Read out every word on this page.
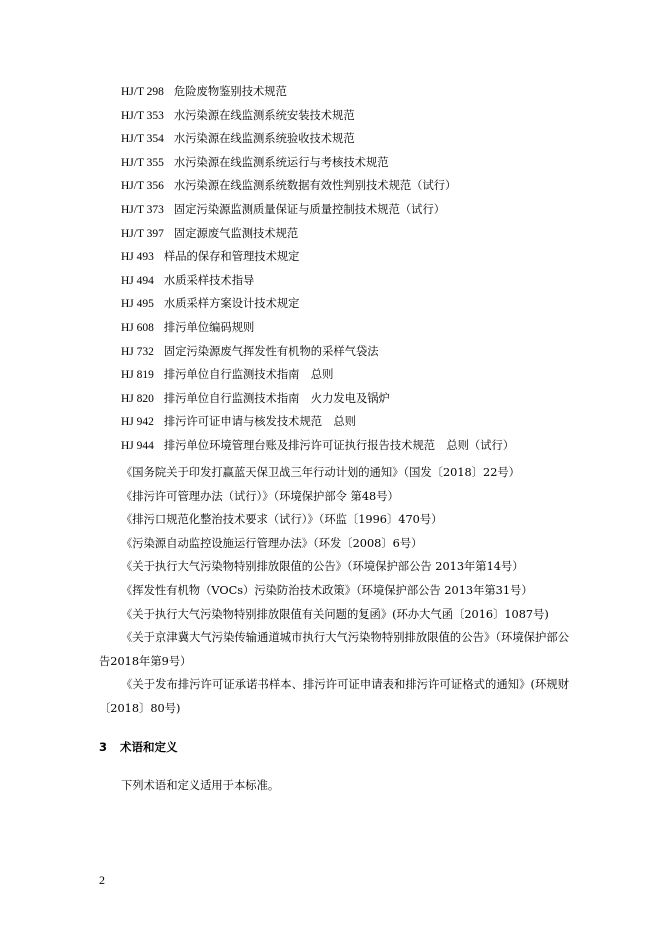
HJ/T 298 危险废物鉴别技术规范
HJ/T 353 水污染源在线监测系统安装技术规范
HJ/T 354 水污染源在线监测系统验收技术规范
HJ/T 355 水污染源在线监测系统运行与考核技术规范
HJ/T 356 水污染源在线监测系统数据有效性判别技术规范（试行）
HJ/T 373 固定污染源监测质量保证与质量控制技术规范（试行）
HJ/T 397 固定源废气监测技术规范
HJ 493 样品的保存和管理技术规定
HJ 494 水质采样技术指导
HJ 495 水质采样方案设计技术规定
HJ 608 排污单位编码规则
HJ 732 固定污染源废气挥发性有机物的采样气袋法
HJ 819 排污单位自行监测技术指南　总则
HJ 820 排污单位自行监测技术指南　火力发电及锅炉
HJ 942 排污许可证申请与核发技术规范　总则
HJ 944 排污单位环境管理台账及排污许可证执行报告技术规范　总则（试行）
《国务院关于印发打赢蓝天保卫战三年行动计划的通知》（国发〔2018〕22号）
《排污许可管理办法（试行）》（环境保护部令 第48号）
《排污口规范化整治技术要求（试行）》（环监〔1996〕470号）
《污染源自动监控设施运行管理办法》（环发〔2008〕6号）
《关于执行大气污染物特别排放限值的公告》（环境保护部公告 2013年第14号）
《挥发性有机物（VOCs）污染防治技术政策》（环境保护部公告 2013年第31号）
《关于执行大气污染物特别排放限值有关问题的复函》(环办大气函〔2016〕1087号)
《关于京津冀大气污染传输通道城市执行大气污染物特别排放限值的公告》（环境保护部公告2018年第9号）
《关于发布排污许可证承诺书样本、排污许可证申请表和排污许可证格式的通知》(环规财〔2018〕80号)
3 术语和定义
下列术语和定义适用于本标准。
2
